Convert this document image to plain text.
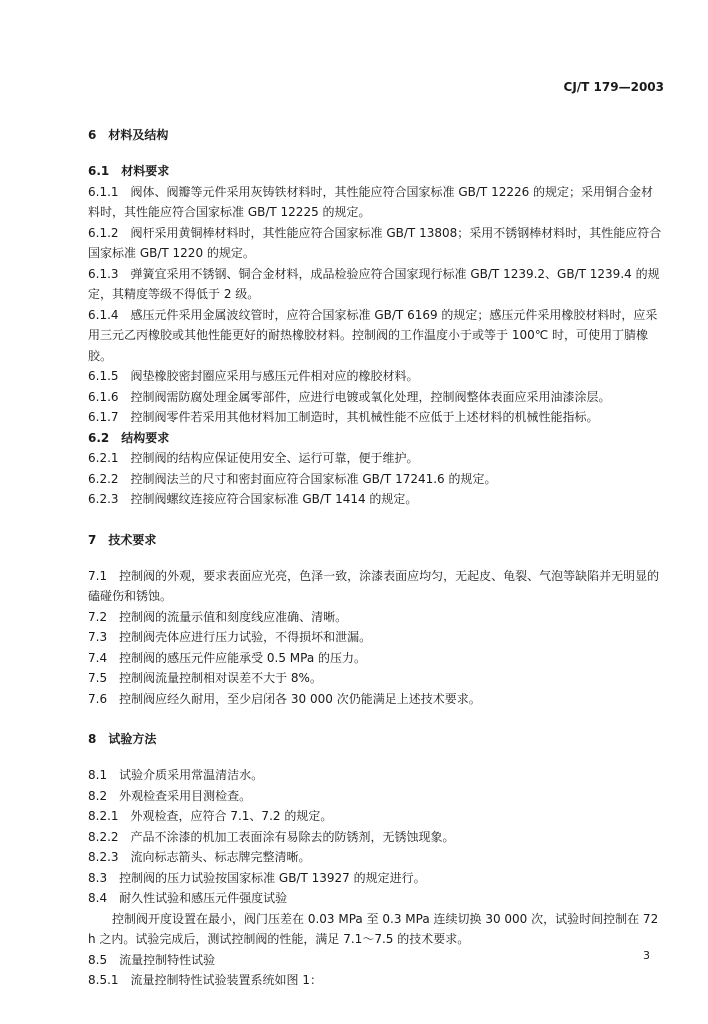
CJ/T 179—2003
6　材料及结构
6.1　材料要求
6.1.1　阀体、阀瓣等元件采用灰铸铁材料时，其性能应符合国家标准 GB/T 12226 的规定；采用铜合金材料时，其性能应符合国家标准 GB/T 12225 的规定。
6.1.2　阀杆采用黄铜棒材料时，其性能应符合国家标准 GB/T 13808；采用不锈钢棒材料时，其性能应符合国家标准 GB/T 1220 的规定。
6.1.3　弹簧宜采用不锈钢、铜合金材料，成品检验应符合国家现行标准 GB/T 1239.2、GB/T 1239.4 的规定，其精度等级不得低于 2 级。
6.1.4　感压元件采用金属波纹管时，应符合国家标准 GB/T 6169 的规定；感压元件采用橡胶材料时，应采用三元乙丙橡胶或其他性能更好的耐热橡胶材料。控制阀的工作温度小于或等于 100℃ 时，可使用丁腈橡胶。
6.1.5　阀垫橡胶密封圈应采用与感压元件相对应的橡胶材料。
6.1.6　控制阀需防腐处理金属零部件，应进行电镀或氧化处理，控制阀整体表面应采用油漆涂层。
6.1.7　控制阀零件若采用其他材料加工制造时，其机械性能不应低于上述材料的机械性能指标。
6.2　结构要求
6.2.1　控制阀的结构应保证使用安全、运行可靠，便于维护。
6.2.2　控制阀法兰的尺寸和密封面应符合国家标准 GB/T 17241.6 的规定。
6.2.3　控制阀螺纹连接应符合国家标准 GB/T 1414 的规定。
7　技术要求
7.1　控制阀的外观，要求表面应光亮，色泽一致，涂漆表面应均匀，无起皮、龟裂、气泡等缺陷并无明显的磕碰伤和锈蚀。
7.2　控制阀的流量示值和刻度线应准确、清晰。
7.3　控制阀壳体应进行压力试验，不得损坏和泄漏。
7.4　控制阀的感压元件应能承受 0.5 MPa 的压力。
7.5　控制阀流量控制相对误差不大于 8%。
7.6　控制阀应经久耐用，至少启闭各 30 000 次仍能满足上述技术要求。
8　试验方法
8.1　试验介质采用常温清洁水。
8.2　外观检查采用目测检查。
8.2.1　外观检查，应符合 7.1、7.2 的规定。
8.2.2　产品不涂漆的机加工表面涂有易除去的防锈剂，无锈蚀现象。
8.2.3　流向标志箭头、标志牌完整清晰。
8.3　控制阀的压力试验按国家标准 GB/T 13927 的规定进行。
8.4　耐久性试验和感压元件强度试验
控制阀开度设置在最小，阀门压差在 0.03 MPa 至 0.3 MPa 连续切换 30 000 次，试验时间控制在 72 h 之内。试验完成后，测试控制阀的性能，满足 7.1～7.5 的技术要求。
8.5　流量控制特性试验
8.5.1　流量控制特性试验装置系统如图 1：
3
